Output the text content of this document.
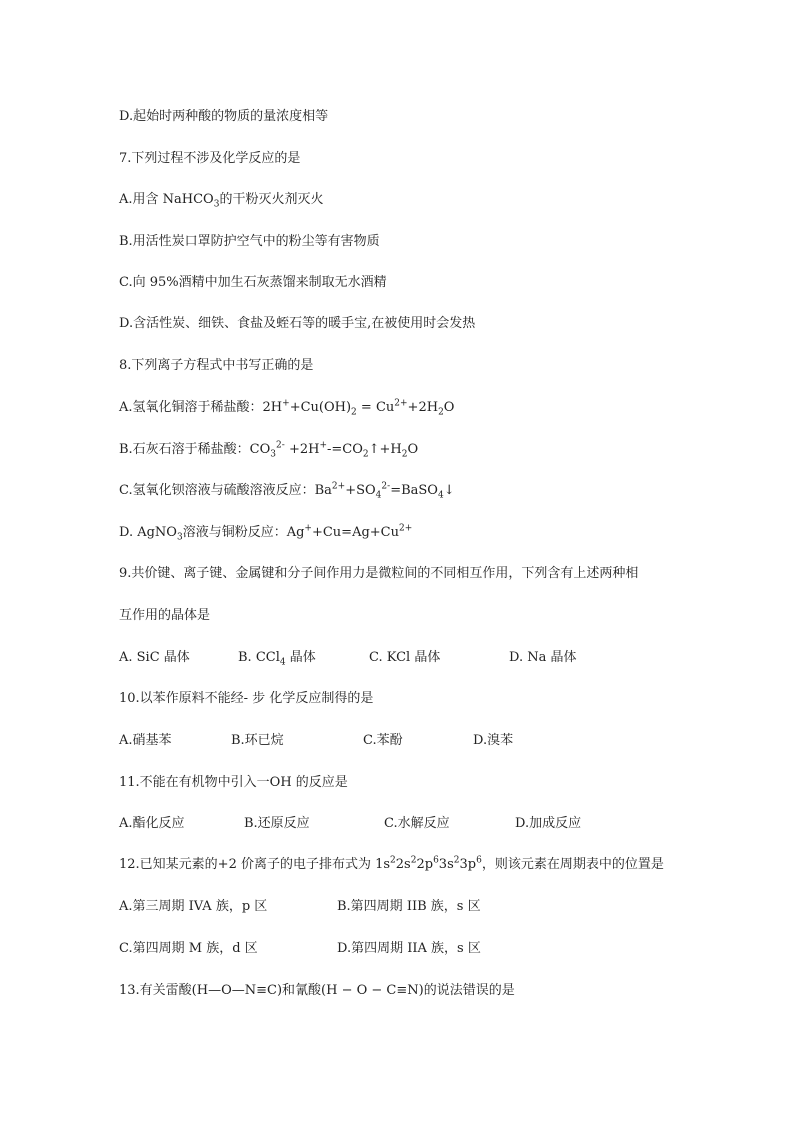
D.起始时两种酸的物质的量浓度相等
7.下列过程不涉及化学反应的是
A.用含 NaHCO$_3$的干粉灭火剂灭火
B.用活性炭口罩防护空气中的粉尘等有害物质
C.向 95%酒精中加生石灰蒸馏来制取无水酒精
D.含活性炭、细铁、食盐及蛭石等的暖手宝,在被使用时会发热
8.下列离子方程式中书写正确的是
A.氢氧化铜溶于稀盐酸：$2H^++Cu(OH)_2 = Cu^{2+}+2H_2O$
B.石灰石溶于稀盐酸：$CO_3^{2-}$ $+2H^+-=CO_2↑+H_2O$
C.氢氧化钡溶液与硫酸溶液反应：$Ba^{2+}+SO_4^{2-}=BaSO_4↓$
D. AgNO$_3$溶液与铜粉反应：$Ag^++Cu=Ag+Cu^{2+}$
9.共价键、离子键、金属键和分子间作用力是微粒间的不同相互作用，下列含有上述两种相
互作用的晶体是
A. SiC 晶体	B. CCl$_4$ 晶体	C. KCl 晶体	D. Na 晶体
10.以苯作原料不能经- 步 化学反应制得的是
A.硝基苯	B.环已烷	C.苯酚	D.溴苯
11.不能在有机物中引入一OH 的反应是
A.酯化反应	B.还原反应	C.水解反应	D.加成反应
12.已知某元素的+2 价离子的电子排布式为 $1s^22s^22p^63s^23p^6$，则该元素在周期表中的位置是
A.第三周期 IVA 族，p 区	B.第四周期 IIB 族，s 区
C.第四周期 M 族，d 区	D.第四周期 IIA 族，s 区
13.有关雷酸(H—O—N≡C)和氰酸(H − O − C≡N)的说法错误的是
